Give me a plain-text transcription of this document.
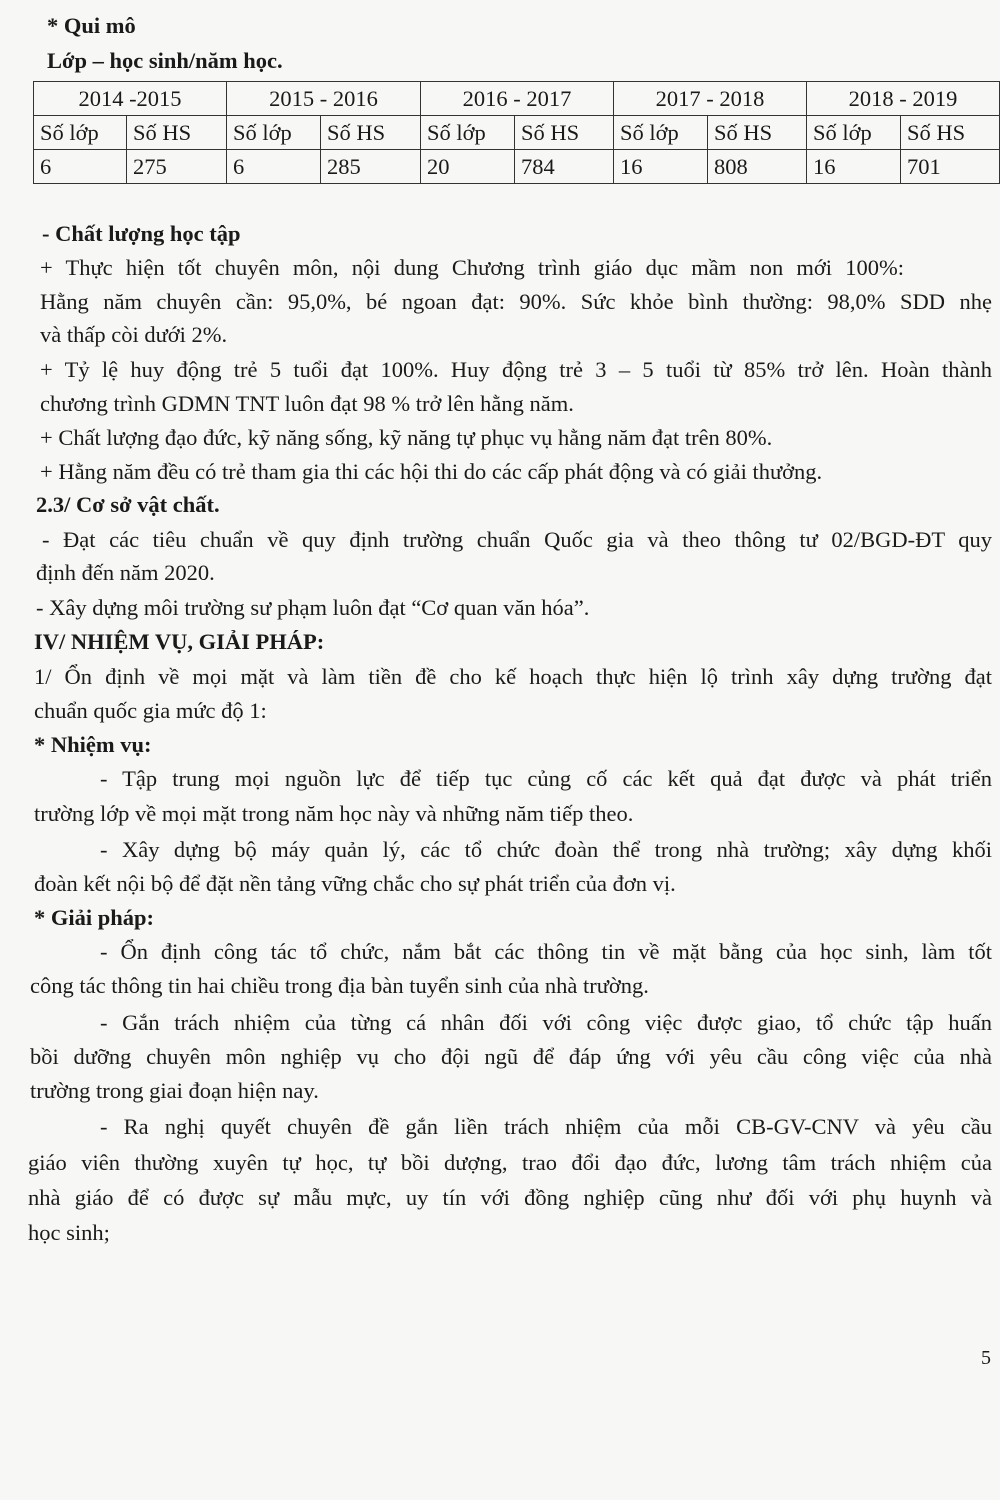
* Qui mô
Lớp – học sinh/năm học.
2014 -2015		2015 - 2016		2016 - 2017		2017 - 2018		2018 - 2019	
Số lớp	Số HS	Số lớp	Số HS	Số lớp	Số HS	Số lớp	Số HS	Số lớp	Số HS
6	275	6	285	20	784	16	808	16	701
- Chất lượng học tập
+ Thực hiện tốt chuyên môn, nội dung Chương trình giáo dục mầm non mới 100%:
Hằng năm chuyên cần: 95,0%, bé ngoan đạt: 90%. Sức khỏe bình thường: 98,0% SDD nhẹ
và thấp còi dưới 2%.
+ Tỷ lệ huy động trẻ 5 tuổi đạt 100%. Huy động trẻ 3 – 5 tuổi từ 85% trở lên. Hoàn thành
chương trình GDMN TNT luôn đạt 98 % trở lên hằng năm.
+ Chất lượng đạo đức, kỹ năng sống, kỹ năng tự phục vụ hằng năm đạt trên 80%.
+ Hằng năm đều có trẻ tham gia thi các hội thi do các cấp phát động và có giải thưởng.
2.3/ Cơ sở vật chất.
- Đạt các tiêu chuẩn về quy định trường chuẩn Quốc gia và theo thông tư 02/BGD-ĐT quy
định đến năm 2020.
- Xây dựng môi trường sư phạm luôn đạt “Cơ quan văn hóa”.
IV/ NHIỆM VỤ, GIẢI PHÁP:
1/ Ổn định về mọi mặt và làm tiền đề cho kế hoạch thực hiện lộ trình xây dựng trường đạt
chuẩn quốc gia mức độ 1:
* Nhiệm vụ:
- Tập trung mọi nguồn lực để tiếp tục củng cố các kết quả đạt được và phát triển
trường lớp về mọi mặt trong năm học này và những năm tiếp theo.
- Xây dựng bộ máy quản lý, các tổ chức đoàn thể trong nhà trường; xây dựng khối
đoàn kết nội bộ để đặt nền tảng vững chắc cho sự phát triển của đơn vị.
* Giải pháp:
- Ổn định công tác tổ chức, nắm bắt các thông tin về mặt bằng của học sinh, làm tốt
công tác thông tin hai chiều trong địa bàn tuyển sinh của nhà trường.
- Gắn trách nhiệm của từng cá nhân đối với công việc được giao, tổ chức tập huấn
bồi dưỡng chuyên môn nghiệp vụ cho đội ngũ để đáp ứng với yêu cầu công việc của nhà
trường trong giai đoạn hiện nay.
- Ra nghị quyết chuyên đề gắn liền trách nhiệm của mỗi CB-GV-CNV và yêu cầu
giáo viên thường xuyên tự học, tự bồi dượng, trao đổi đạo đức, lương tâm trách nhiệm của
nhà giáo để có được sự mẫu mực, uy tín với đồng nghiệp cũng như đối với phụ huynh và
học sinh;
5
